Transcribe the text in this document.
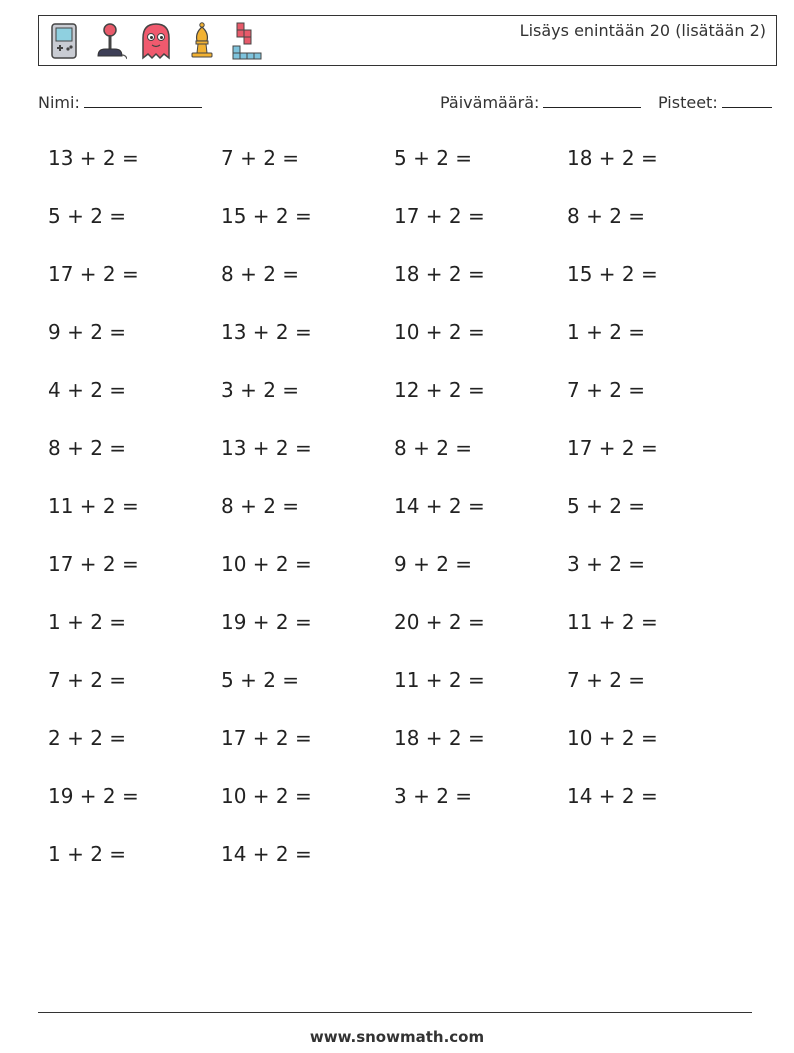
Lisäys enintään 20 (lisätään 2)
Nimi:	Päivämäärä:	Pisteet:
13 + 2 =	7 + 2 =	5 + 2 =	18 + 2 =
5 + 2 =	15 + 2 =	17 + 2 =	8 + 2 =
17 + 2 =	8 + 2 =	18 + 2 =	15 + 2 =
9 + 2 =	13 + 2 =	10 + 2 =	1 + 2 =
4 + 2 =	3 + 2 =	12 + 2 =	7 + 2 =
8 + 2 =	13 + 2 =	8 + 2 =	17 + 2 =
11 + 2 =	8 + 2 =	14 + 2 =	5 + 2 =
17 + 2 =	10 + 2 =	9 + 2 =	3 + 2 =
1 + 2 =	19 + 2 =	20 + 2 =	11 + 2 =
7 + 2 =	5 + 2 =	11 + 2 =	7 + 2 =
2 + 2 =	17 + 2 =	18 + 2 =	10 + 2 =
19 + 2 =	10 + 2 =	3 + 2 =	14 + 2 =
1 + 2 =	14 + 2 =
www.snowmath.com
